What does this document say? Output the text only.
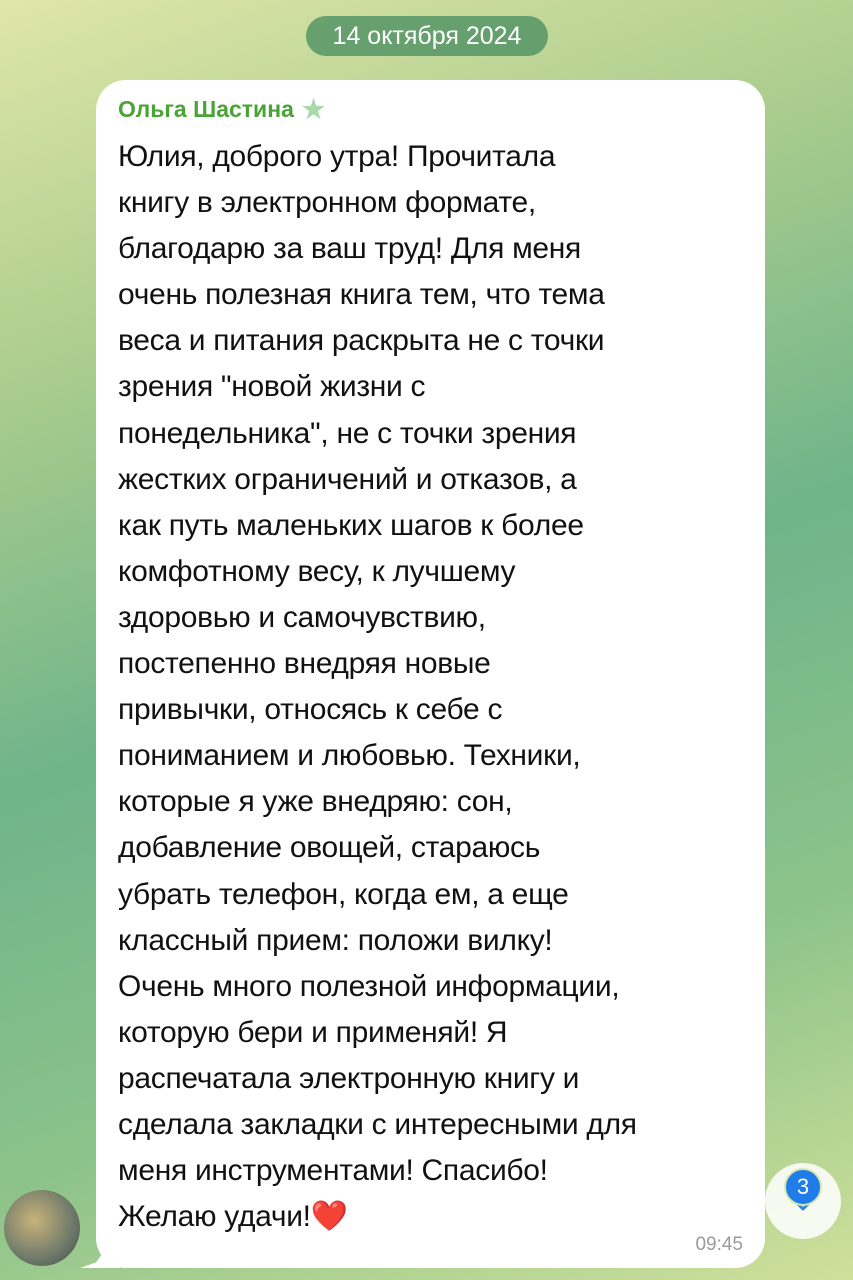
14 октября 2024
Ольга Шастина ★
Юлия, доброго утра! Прочитала
книгу в электронном формате,
благодарю за ваш труд! Для меня
очень полезная книга тем, что тема
веса и питания раскрыта не с точки
зрения "новой жизни с
понедельника", не с точки зрения
жестких ограничений и отказов, а
как путь маленьких шагов к более
комфотному весу, к лучшему
здоровью и самочувствию,
постепенно внедряя новые
привычки, относясь к себе с
пониманием и любовью. Техники,
которые я уже внедряю: сон,
добавление овощей, стараюсь
убрать телефон, когда ем, а еще
классный прием: положи вилку!
Очень много полезной информации,
которую бери и применяй! Я
распечатала электронную книгу и
сделала закладки с интересными для
меня инструментами! Спасибо!
Желаю удачи!❤️
09:45
3
